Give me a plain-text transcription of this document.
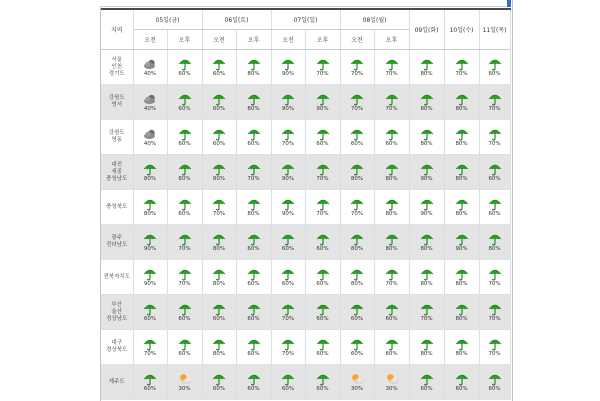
지역	05일(금)		06일(토)		07일(일)		08일(월)		09일(화)	10일(수)	11일(목)
	오전	오후	오전	오후	오전	오후	오전	오후			

서울
인천
경기도	40%	60%	60%	80%	90%	70%	70%	70%	80%	70%	60%

강원도
영서	40%	60%	60%	80%	90%	90%	70%	70%	80%	80%	70%

강원도
영동	40%	60%	60%	60%	70%	60%	60%	60%	80%	80%	70%

대전
세종
충청남도	80%	80%	80%	70%	90%	70%	80%	80%	90%	80%	60%

충청북도	80%	60%	70%	80%	90%	70%	70%	80%	90%	80%	60%

광주
전라남도	90%	70%	80%	60%	60%	60%	80%	80%	80%	90%	80%

전북자치도	90%	70%	80%	60%	60%	60%	80%	70%	80%	80%	70%

부산
울산
경상남도	60%	60%	60%	60%	70%	60%	60%	60%	70%	80%	70%

대구
경상북도	70%	60%	80%	60%	70%	60%	60%	60%	80%	80%	70%

제주도	60%	30%	60%	60%	60%	60%	30%	30%	60%	60%	60%
